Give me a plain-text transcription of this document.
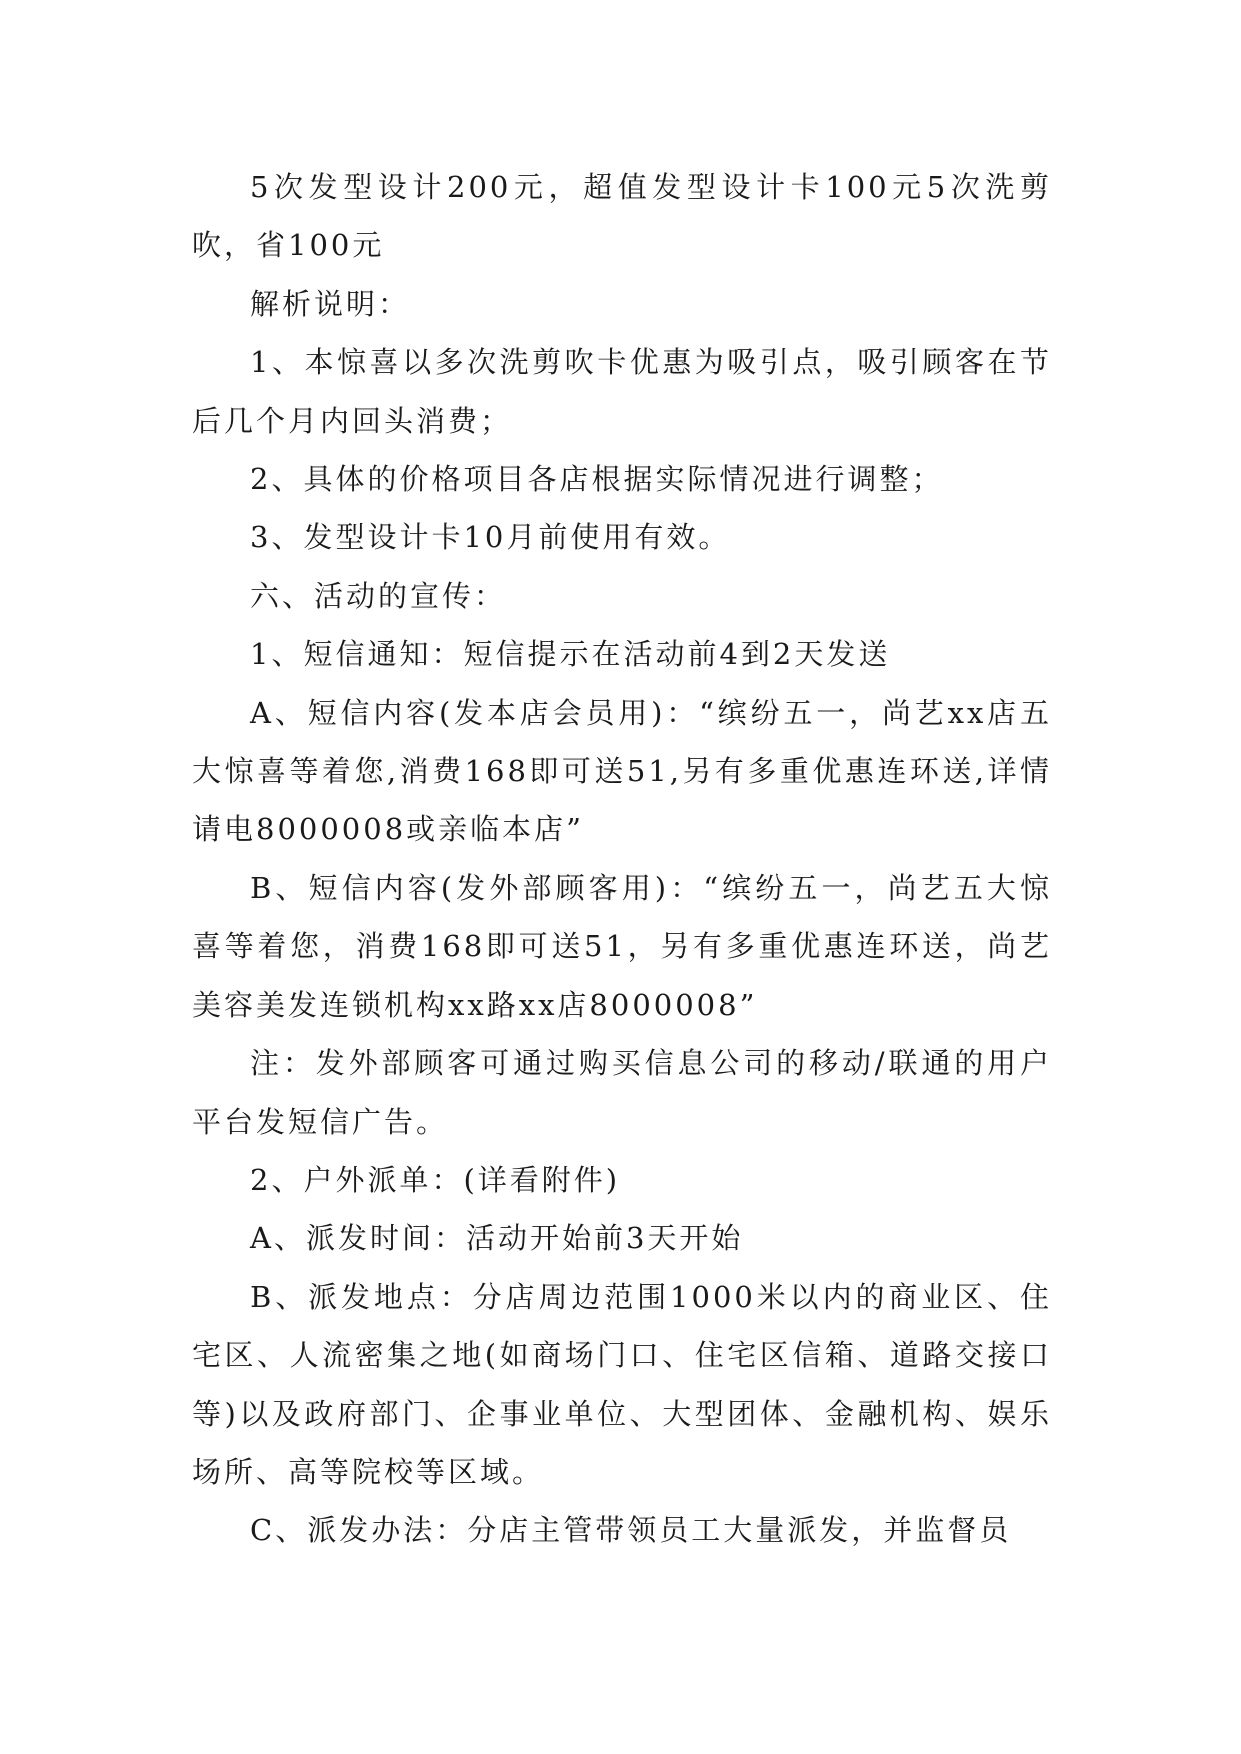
5次发型设计200元，超值发型设计卡100元5次洗剪吹，省100元

解析说明：

1、本惊喜以多次洗剪吹卡优惠为吸引点，吸引顾客在节后几个月内回头消费；

2、具体的价格项目各店根据实际情况进行调整；

3、发型设计卡10月前使用有效。

六、活动的宣传：

1、短信通知：短信提示在活动前4到2天发送

A、短信内容(发本店会员用)：“缤纷五一，尚艺xx店五大惊喜等着您,消费168即可送51,另有多重优惠连环送,详情请电8000008或亲临本店”

B、短信内容(发外部顾客用)：“缤纷五一，尚艺五大惊喜等着您，消费168即可送51，另有多重优惠连环送，尚艺美容美发连锁机构xx路xx店8000008”

注：发外部顾客可通过购买信息公司的移动/联通的用户平台发短信广告。

2、户外派单：(详看附件)

A、派发时间：活动开始前3天开始

B、派发地点：分店周边范围1000米以内的商业区、住宅区、人流密集之地(如商场门口、住宅区信箱、道路交接口等)以及政府部门、企事业单位、大型团体、金融机构、娱乐场所、高等院校等区域。

C、派发办法：分店主管带领员工大量派发，并监督员
